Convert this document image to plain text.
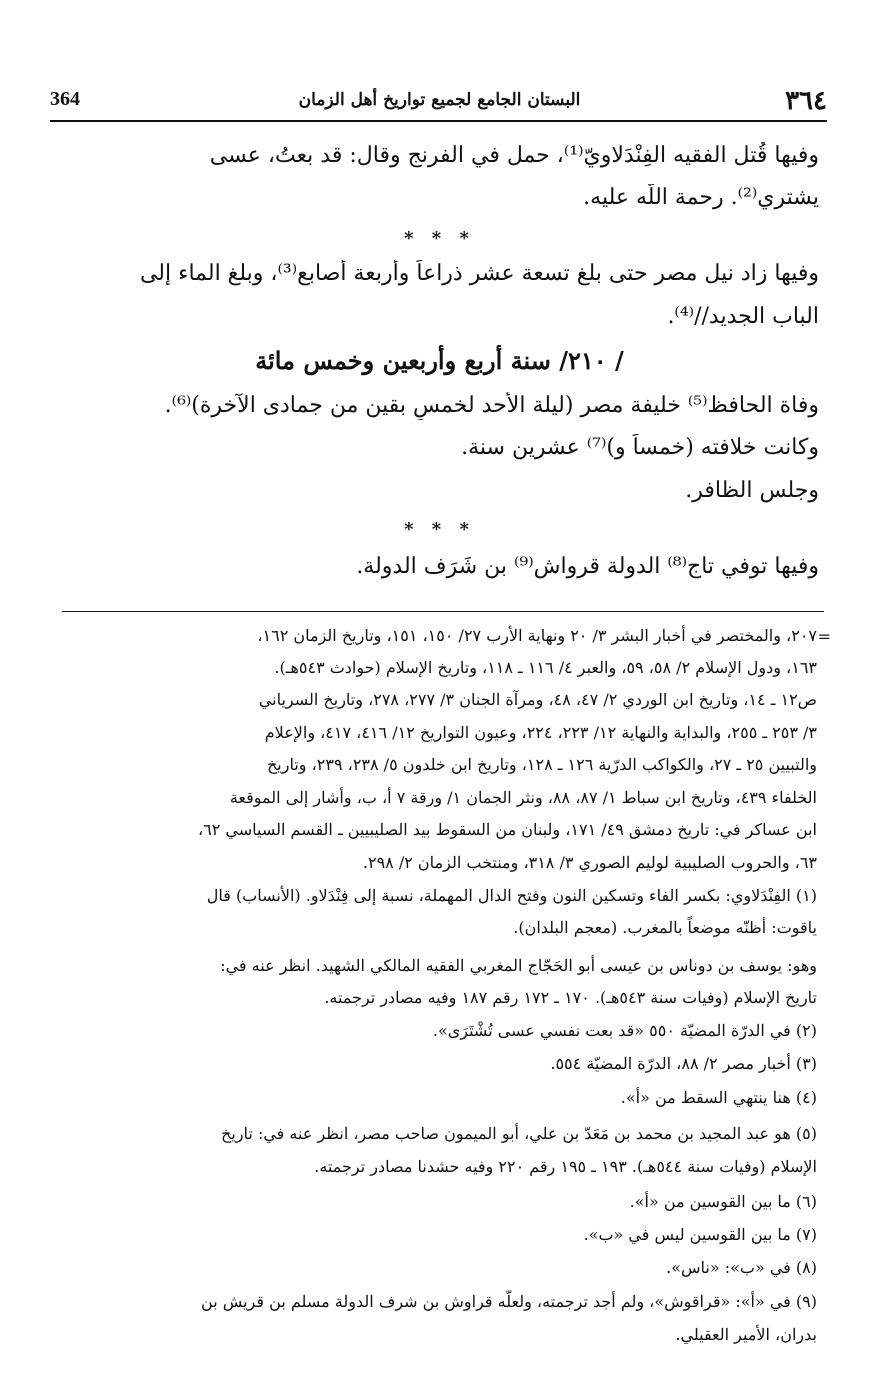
٣٦٤
البستان الجامع لجميع تواريخ أهل الزمان
364
وفيها قُتل الفقيه الفِنْدَلاويّ⁽¹⁾، حمل في الفرنج وقال: قد بعتُ، عسى
يشتري⁽²⁾. رحمة اللّه عليه.
* * *
وفيها زاد نيل مصر حتى بلغ تسعة عشر ذراعاً وأربعة أصابع⁽³⁾، وبلغ الماء إلى
الباب الجديد//⁽⁴⁾.
/ ٢١٠/ سنة أربع وأربعين وخمس مائة
وفاة الحافظ⁽⁵⁾ خليفة مصر (ليلة الأحد لخمسٍ بقين من جمادى الآخرة)⁽⁶⁾.
وكانت خلافته (خمساً و)⁽⁷⁾ عشرين سنة.
وجلس الظافر.
* * *
وفيها توفي تاج⁽⁸⁾ الدولة قرواش⁽⁹⁾ بن شَرَف الدولة.
=
٢٠٧، والمختصر في أخبار البشر ٣/ ٢٠ ونهاية الأرب ٢٧/ ١٥٠، ١٥١، وتاريخ الزمان ١٦٢،
١٦٣، ودول الإسلام ٢/ ٥٨، ٥٩، والعبر ٤/ ١١٦ ـ ١١٨، وتاريخ الإسلام (حوادث ٥٤٣هـ).
ص١٢ ـ ١٤، وتاريخ ابن الوردي ٢/ ٤٧، ٤٨، ومرآة الجنان ٣/ ٢٧٧، ٢٧٨، وتاريخ السرياني
٣/ ٢٥٣ ـ ٢٥٥، والبداية والنهاية ١٢/ ٢٢٣، ٢٢٤، وعيون التواريخ ١٢/ ٤١٦، ٤١٧، والإعلام
والتبيين ٢٥ ـ ٢٧، والكواكب الدرّية ١٢٦ ـ ١٢٨، وتاريخ ابن خلدون ٥/ ٢٣٨، ٢٣٩، وتاريخ
الخلفاء ٤٣٩، وتاريخ ابن سباط ١/ ٨٧، ٨٨، ونثر الجمان ١/ ورقة ٧ أ، ب، وأشار إلى الموقعة
ابن عساكر في: تاريخ دمشق ٤٩/ ١٧١، ولبنان من السقوط بيد الصليبيين ـ القسم السياسي ٦٢،
٦٣، والحروب الصليبية لوليم الصوري ٣/ ٣١٨، ومنتخب الزمان ٢/ ٢٩٨.
(١) الفِنْدَلاوي: بكسر الفاء وتسكين النون وفتح الدال المهملة، نسبة إلى فِنْدَلاو. (الأنساب) قال
ياقوت: أظنّه موضعاً بالمغرب. (معجم البلدان).
وهو: يوسف بن دوناس بن عيسى أبو الحَجّاج المغربي الفقيه المالكي الشهيد. انظر عنه في:
تاريخ الإسلام (وفيات سنة ٥٤٣هـ). ١٧٠ ـ ١٧٢ رقم ١٨٧ وفيه مصادر ترجمته.
(٢) في الدرّة المضيّة ٥٥٠ «قد بعت نفسي عسى تُشْتَرَى».
(٣) أخبار مصر ٢/ ٨٨، الدرّة المضيّة ٥٥٤.
(٤) هنا ينتهي السقط من «أ».
(٥) هو عبد المجيد بن محمد بن مَعَدّ بن علي، أبو الميمون صاحب مصر، انظر عنه في: تاريخ
الإسلام (وفيات سنة ٥٤٤هـ). ١٩٣ ـ ١٩٥ رقم ٢٢٠ وفيه حشدنا مصادر ترجمته.
(٦) ما بين القوسين من «أ».
(٧) ما بين القوسين ليس في «ب».
(٨) في «ب»: «ناس».
(٩) في «أ»: «قراقوش»، ولم أجد ترجمته، ولعلّه قراوش بن شرف الدولة مسلم بن قريش بن
بدران، الأمير العقيلي.
